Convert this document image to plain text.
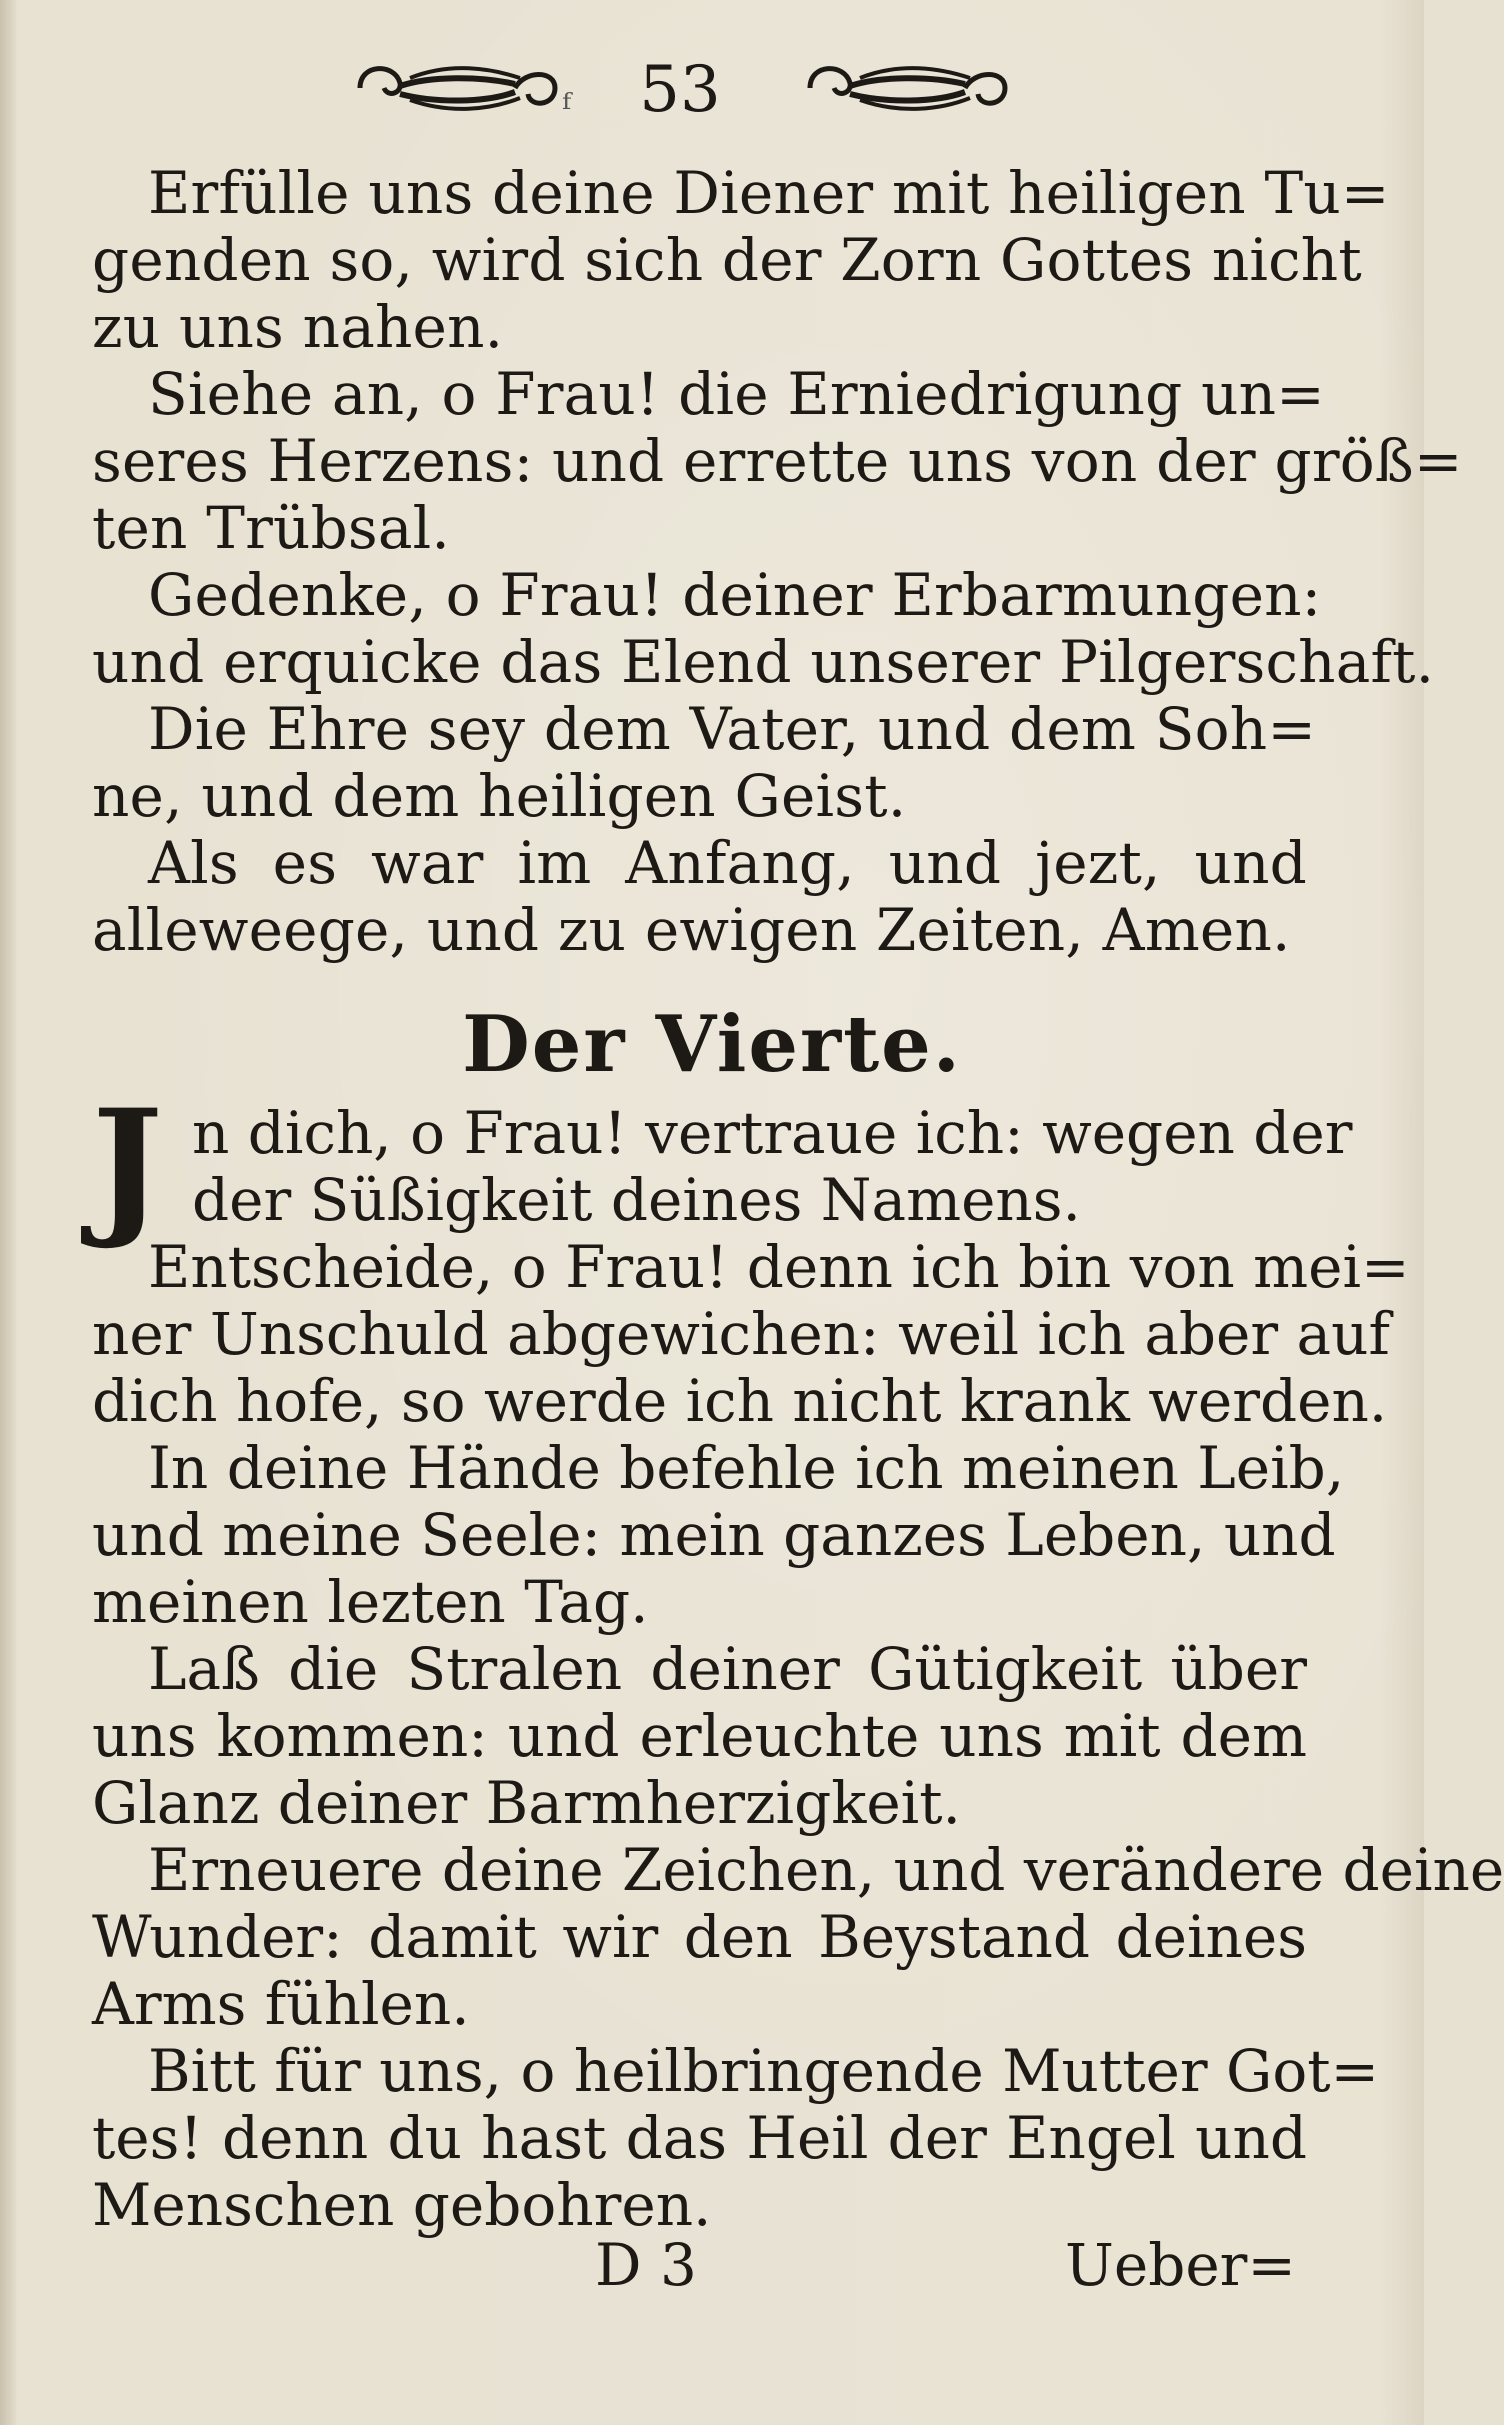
ᶠ	53
Erfülle uns deine Diener mit heiligen Tu=
genden so, wird sich der Zorn Gottes nicht
zu uns nahen.
Siehe an, o Frau! die Erniedrigung un=
seres Herzens: und errette uns von der größ=
ten Trübsal.
Gedenke, o Frau! deiner Erbarmungen:
und erquicke das Elend unserer Pilgerschaft.
Die Ehre sey dem Vater, und dem Soh=
ne, und dem heiligen Geist.
Als es war im Anfang, und jezt, und
alleweege, und zu ewigen Zeiten, Amen.
Der Vierte.
J n dich, o Frau! vertraue ich: wegen der
der Süßigkeit deines Namens.
Entscheide, o Frau! denn ich bin von mei=
ner Unschuld abgewichen: weil ich aber auf
dich hofe, so werde ich nicht krank werden.
In deine Hände befehle ich meinen Leib,
und meine Seele: mein ganzes Leben, und
meinen lezten Tag.
Laß die Stralen deiner Gütigkeit über
uns kommen: und erleuchte uns mit dem
Glanz deiner Barmherzigkeit.
Erneuere deine Zeichen, und verändere deine
Wunder: damit wir den Beystand deines
Arms fühlen.
Bitt für uns, o heilbringende Mutter Got=
tes! denn du hast das Heil der Engel und
Menschen gebohren.
D 3	Ueber=
